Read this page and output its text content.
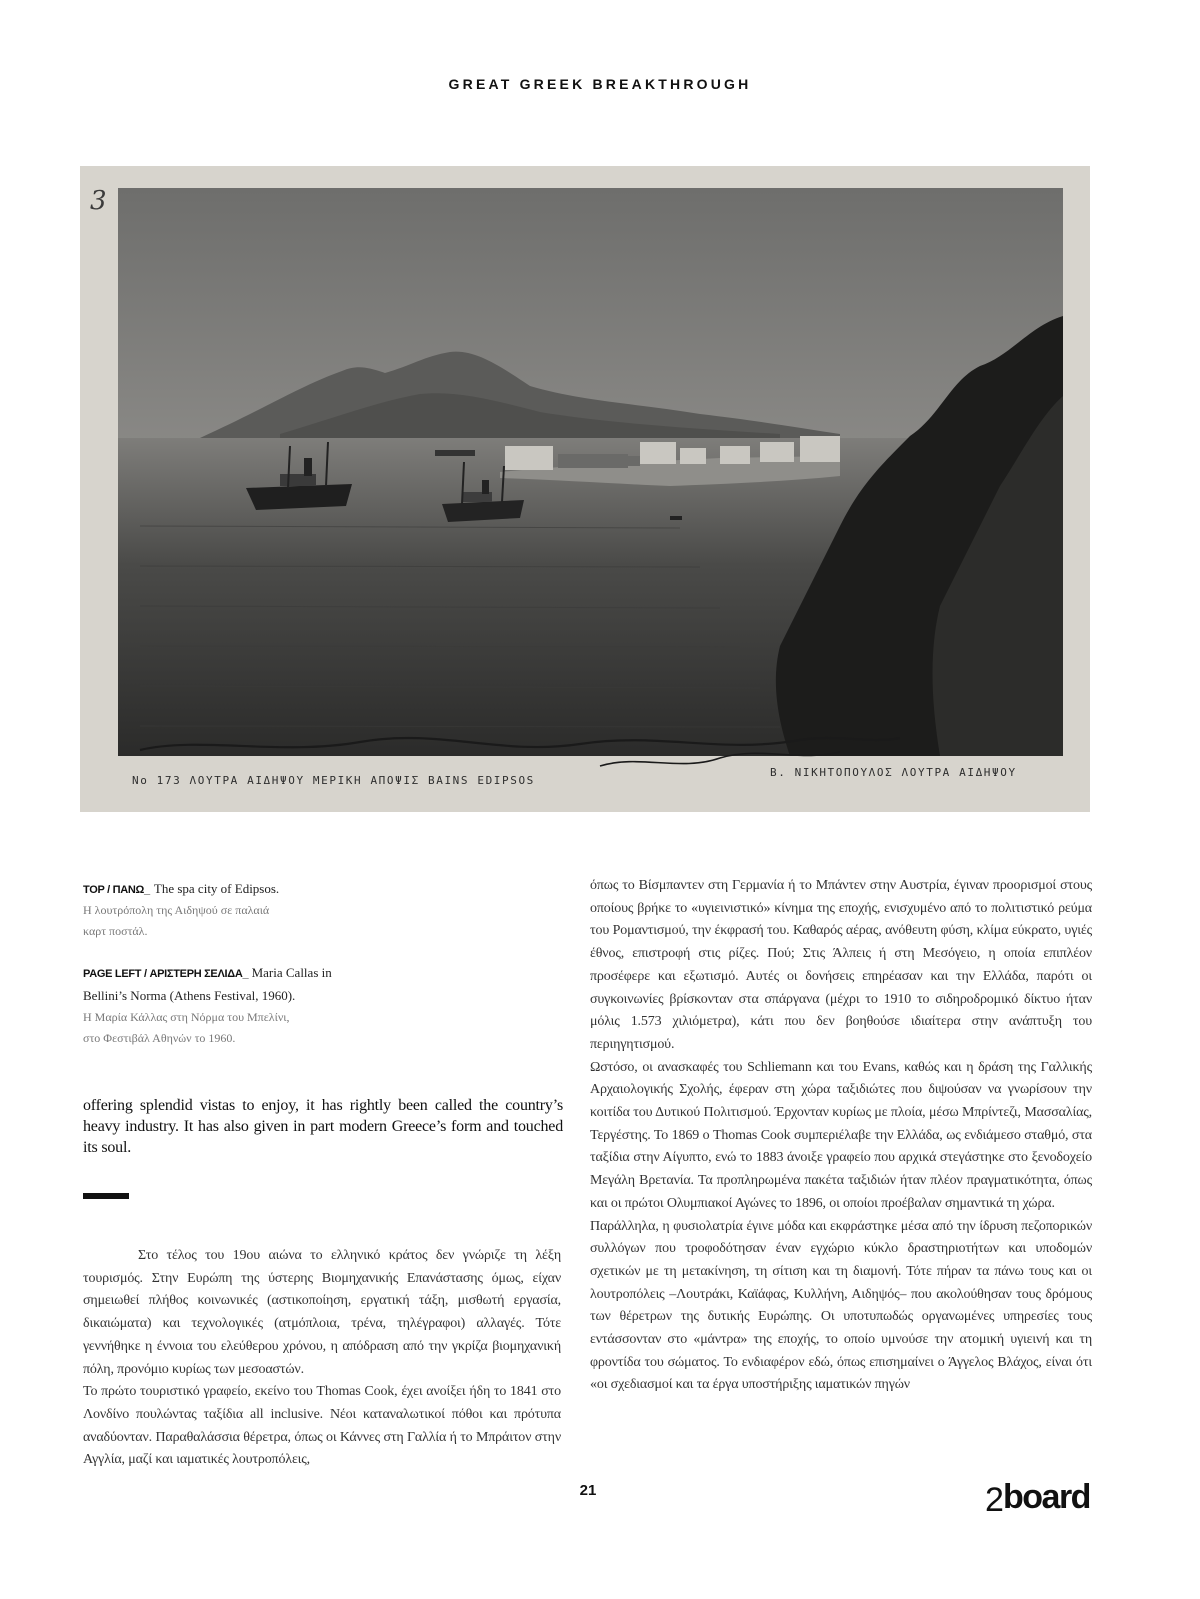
GREAT GREEK BREAKTHROUGH
3
Νο 173 ΛΟΥΤΡΑ ΑΙΔΗΨΟΥ ΜΕΡΙΚΗ ΑΠΟΨΙΣ BAINS EDIPSOS
Β. ΝΙΚΗΤΟΠΟΥΛΟΣ ΛΟΥΤΡΑ ΑΙΔΗΨΟΥ

TOP / ΠΑΝΩ_ The spa city of Edipsos.

Η λουτρόπολη της Αιδηψού σε παλαιά

καρτ ποστάλ.

PAGE LEFT / ΑΡΙΣΤΕΡΗ ΣΕΛΙΔΑ_ Maria Callas in

Bellini’s Norma (Athens Festival, 1960).

Η Μαρία Κάλλας στη Νόρμα του Μπελίνι,

στο Φεστιβάλ Αθηνών το 1960.

offering splendid vistas to enjoy, it has rightly been called the country’s heavy industry. It has also given in part modern Greece’s form and touched its soul.

Στο τέλος του 19ου αιώνα το ελληνικό κράτος δεν γνώριζε τη λέξη τουρισμός. Στην Ευρώπη της ύστερης Βιομηχανικής Επανάστασης όμως, είχαν σημειωθεί πλήθος κοινωνικές (αστικοποίηση, εργατική τάξη, μισθωτή εργασία, δικαιώματα) και τεχνολογικές (ατμόπλοια, τρένα, τηλέγραφοι) αλλαγές. Τότε γεννήθηκε η έννοια του ελεύθερου χρόνου, η απόδραση από την γκρίζα βιομηχανική πόλη, προνόμιο κυρίως των μεσοαστών.

Το πρώτο τουριστικό γραφείο, εκείνο του Thomas Cook, έχει ανοίξει ήδη το 1841 στο Λονδίνο πουλώντας ταξίδια all inclusive. Νέοι καταναλωτικοί πόθοι και πρότυπα αναδύονταν. Παραθαλάσσια θέρετρα, όπως οι Κάννες στη Γαλλία ή το Μπράιτον στην Αγγλία, μαζί και ιαματικές λουτροπόλεις,

όπως το Βίσμπαντεν στη Γερμανία ή το Μπάντεν στην Αυστρία, έγιναν προορισμοί στους οποίους βρήκε το «υγιεινιστικό» κίνημα της εποχής, ενισχυμένο από το πολιτιστικό ρεύμα του Ρομαντισμού, την έκφρασή του. Καθαρός αέρας, ανόθευτη φύση, κλίμα εύκρατο, υγιές έθνος, επιστροφή στις ρίζες. Πού; Στις Άλπεις ή στη Μεσόγειο, η οποία επιπλέον προσέφερε και εξωτισμό. Αυτές οι δονήσεις επηρέασαν και την Ελλάδα, παρότι οι συγκοινωνίες βρίσκονταν στα σπάργανα (μέχρι το 1910 το σιδηροδρομικό δίκτυο ήταν μόλις 1.573 χιλιόμετρα), κάτι που δεν βοηθούσε ιδιαίτερα στην ανάπτυξη του περιηγητισμού.

Ωστόσο, οι ανασκαφές του Schliemann και του Evans, καθώς και η δράση της Γαλλικής Αρχαιολογικής Σχολής, έφεραν στη χώρα ταξιδιώτες που διψούσαν να γνωρίσουν την κοιτίδα του Δυτικού Πολιτισμού. Έρχονταν κυρίως με πλοία, μέσω Μπρίντεζι, Μασσαλίας, Τεργέστης. Το 1869 ο Thomas Cook συμπεριέλαβε την Ελλάδα, ως ενδιάμεσο σταθμό, στα ταξίδια στην Αίγυπτο, ενώ το 1883 άνοιξε γραφείο που αρχικά στεγάστηκε στο ξενοδοχείο Μεγάλη Βρετανία. Τα προπληρωμένα πακέτα ταξιδιών ήταν πλέον πραγματικότητα, όπως και οι πρώτοι Ολυμπιακοί Αγώνες το 1896, οι οποίοι προέβαλαν σημαντικά τη χώρα.

Παράλληλα, η φυσιολατρία έγινε μόδα και εκφράστηκε μέσα από την ίδρυση πεζοπορικών συλλόγων που τροφοδότησαν έναν εγχώριο κύκλο δραστηριοτήτων και υποδομών σχετικών με τη μετακίνηση, τη σίτιση και τη διαμονή. Τότε πήραν τα πάνω τους και οι λουτροπόλεις –Λουτράκι, Καϊάφας, Κυλλήνη, Αιδηψός– που ακολούθησαν τους δρόμους των θέρετρων της δυτικής Ευρώπης. Οι υποτυπωδώς οργανωμένες υπηρεσίες τους εντάσσονταν στο «μάντρα» της εποχής, το οποίο υμνούσε την ατομική υγιεινή και τη φροντίδα του σώματος. Το ενδιαφέρον εδώ, όπως επισημαίνει ο Άγγελος Βλάχος, είναι ότι «οι σχεδιασμοί και τα έργα υποστήριξης ιαματικών πηγών

21	2 board
